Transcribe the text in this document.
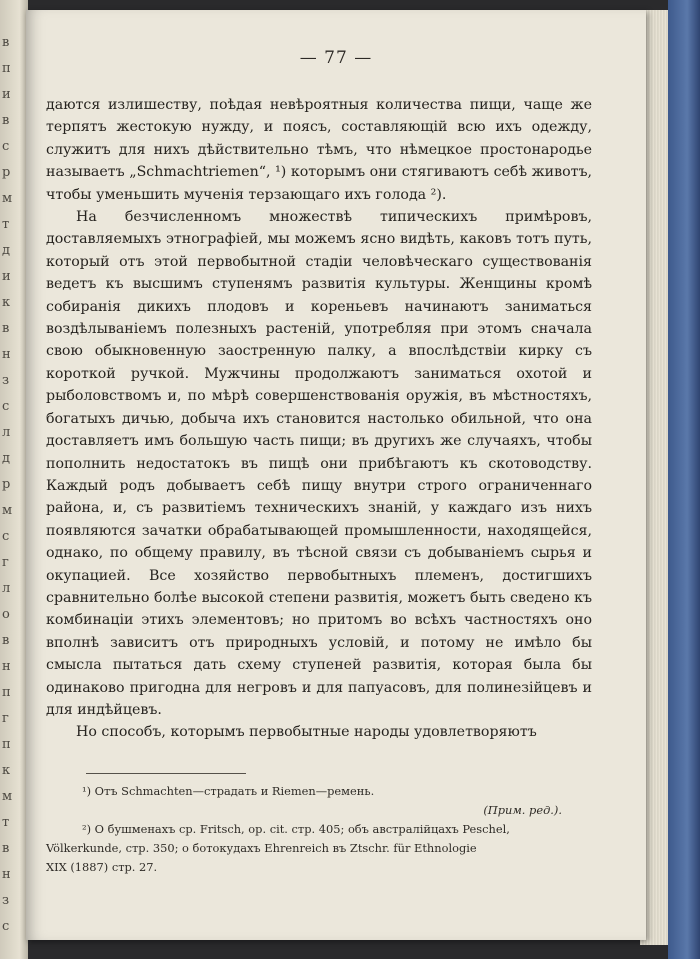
в
п
и
в
с
р
м
т
д
и
к
в
н
з
с
л
д
р
м
с
г
л
о
в
н
п
г
п
к
м
т
в
н
з
с
— 77 —

даются излишеству, поѣдая невѣроятныя количества пищи, чаще же терпятъ жестокую нужду, и поясъ, составляющій всю ихъ одежду, служитъ для нихъ дѣйствительно тѣмъ, что нѣмецкое простонародье называетъ „Schmachtriemen“, ¹) которымъ они стягиваютъ себѣ животъ, чтобы уменьшить мученія терзающаго ихъ голода ²).

На безчисленномъ множествѣ типическихъ примѣровъ, доставляемыхъ этнографіей, мы можемъ ясно видѣть, каковъ тотъ путь, который отъ этой первобытной стадіи человѣческаго существованія ведетъ къ высшимъ ступенямъ развитія культуры. Женщины кромѣ собиранія дикихъ плодовъ и кореньевъ начинаютъ заниматься воздѣлываніемъ полезныхъ растеній, употребляя при этомъ сначала свою обыкновенную заостренную палку, а впослѣдствіи кирку съ короткой ручкой. Мужчины продолжаютъ заниматься охотой и рыболовствомъ и, по мѣрѣ совершенствованія оружія, въ мѣстностяхъ, богатыхъ дичью, добыча ихъ становится настолько обильной, что она доставляетъ имъ большую часть пищи; въ другихъ же случаяхъ, чтобы пополнить недостатокъ въ пищѣ они прибѣгаютъ къ скотоводству. Каждый родъ добываетъ себѣ пищу внутри строго ограниченнаго района, и, съ развитіемъ техническихъ знаній, у каждаго изъ нихъ появляются зачатки обрабатывающей промышленности, находящейся, однако, по общему правилу, въ тѣсной связи съ добываніемъ сырья и окупацией. Все хозяйство первобытныхъ племенъ, достигшихъ сравнительно болѣе высокой степени развитія, можетъ быть сведено къ комбинаціи этихъ элементовъ; но притомъ во всѣхъ частностяхъ оно вполнѣ зависитъ отъ природныхъ условій, и потому не имѣло бы смысла пытаться дать схему ступеней развитія, которая была бы одинаково пригодна для негровъ и для папуасовъ, для полинезійцевъ и для индѣйцевъ.

Но способъ, которымъ первобытные народы удовлетворяютъ

¹) Отъ Schmachten—страдать и Riemen—ремень.
(Прим. ред.).
²) О бушменахъ ср. Fritsch, op. cit. стр. 405; объ австралійцахъ Peschel,
Völkerkunde, стр. 350; о ботокудахъ Ehrenreich въ Ztschr. für Ethnologie
XIX (1887) стр. 27.
